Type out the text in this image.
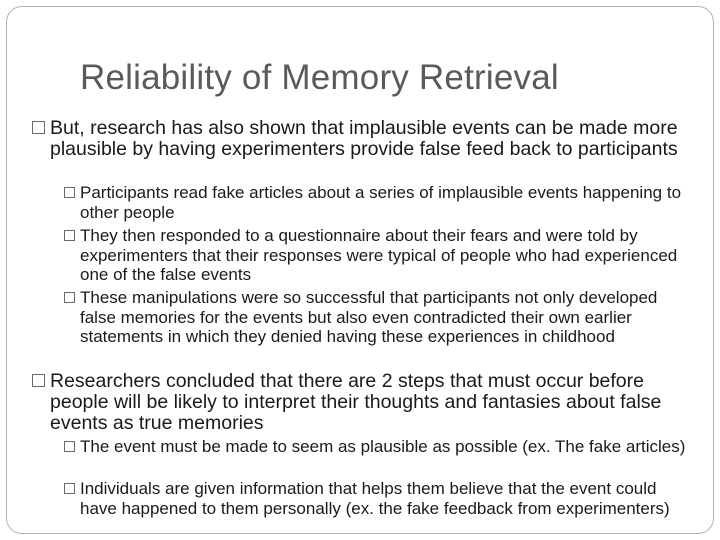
Reliability of Memory Retrieval
But, research has also shown that implausible events can be made more plausible by having experimenters provide false feed back to participants
Participants read fake articles about a series of implausible events happening to other people
They then responded to a questionnaire about their fears and were told by experimenters that their responses were typical of people who had experienced one of the false events
These manipulations were so successful that participants not only developed false memories for the events but also even contradicted their own earlier statements in which they denied having these experiences in childhood
Researchers concluded that there are 2 steps that must occur before people will be likely to interpret their thoughts and fantasies about false events as true memories
The event must be made to seem as plausible as possible (ex. The fake articles)
Individuals are given information that helps them believe that the event could have happened to them personally (ex. the fake feedback from experimenters)
